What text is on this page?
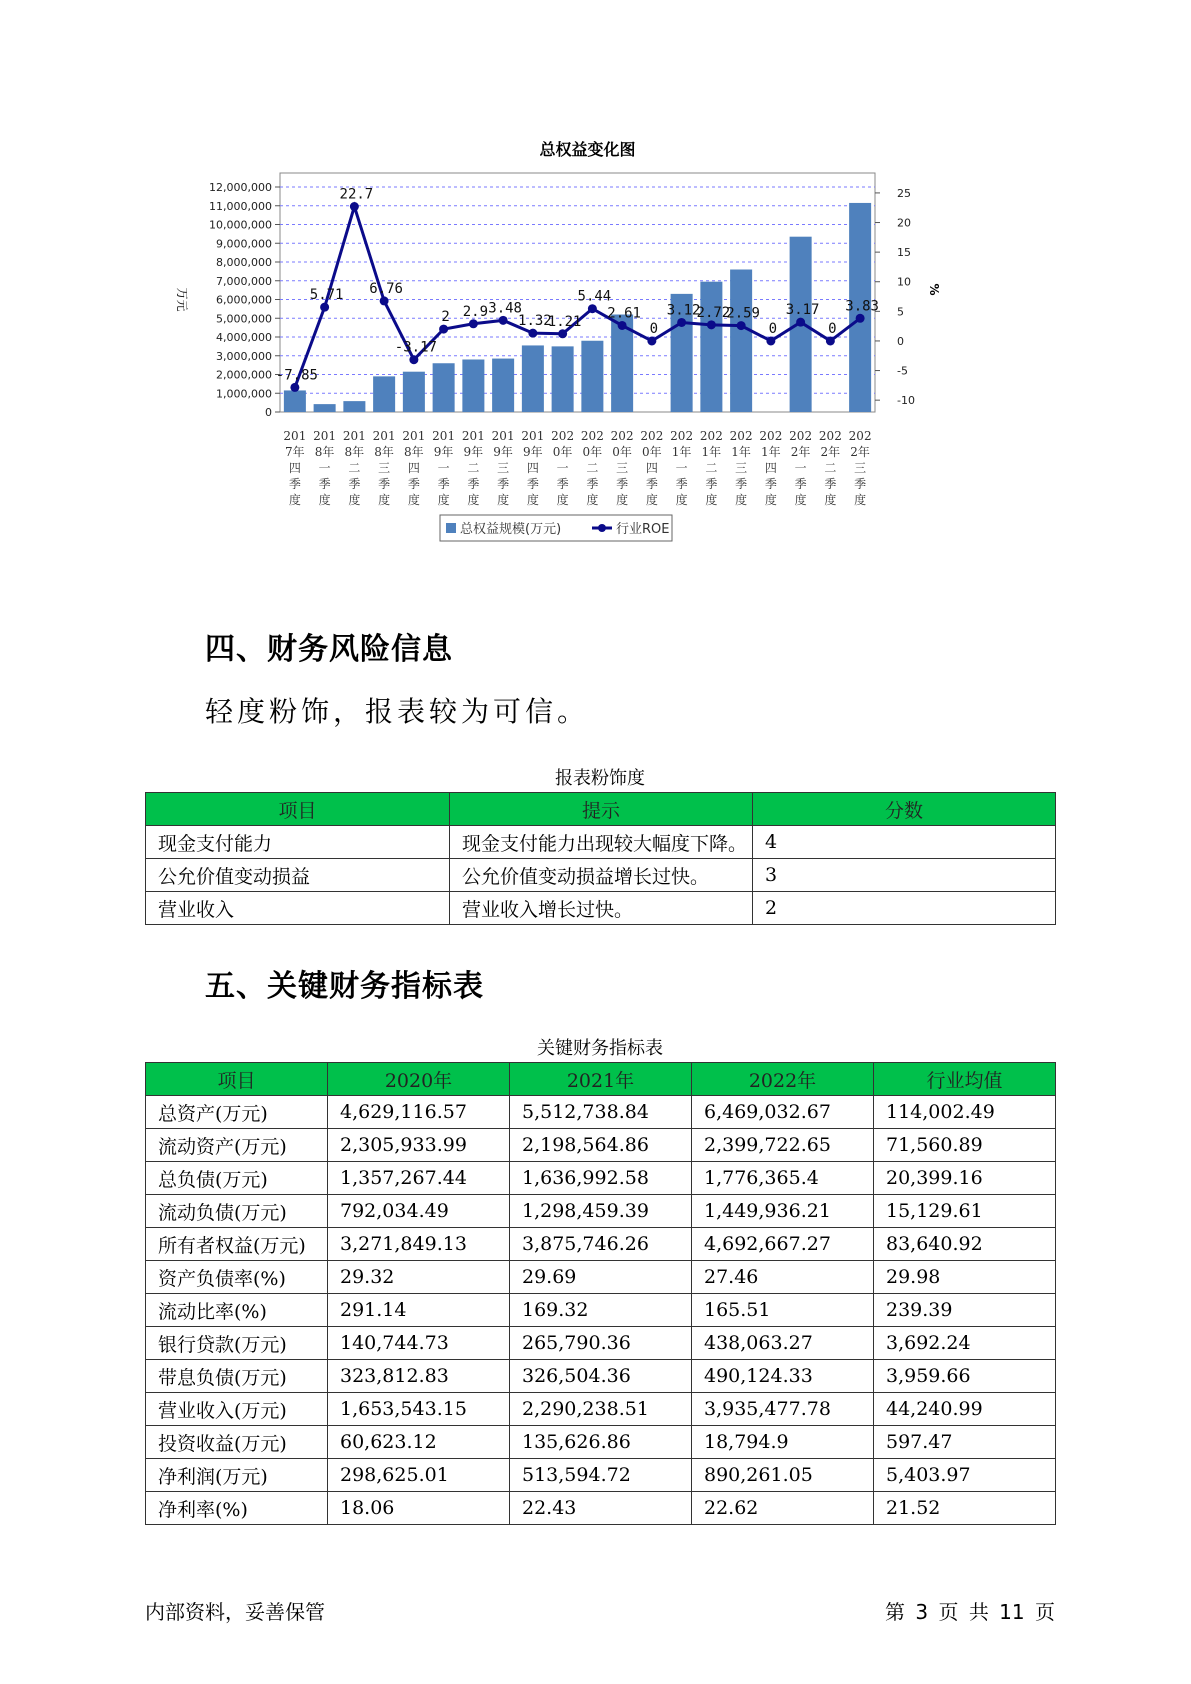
总权益变化图
0
1,000,000
2,000,000
3,000,000
4,000,000
5,000,000
6,000,000
7,000,000
8,000,000
9,000,000
10,000,000
11,000,000
12,000,000
-10
-5
0
5
10
15
20
25
万元	%
-7.85
5.71
22.7
6.76
-3.17
2 2.9 3.48
1.32
1.21
5.44
2.61
0
3.12
2.72
2.59
0
3.17
0
3.83
201
7年
四
季
度
201
8年
一
季
度
201
8年
二
季
度
201
8年
三
季
度
201
8年
四
季
度
201
9年
一
季
度
201
9年
二
季
度
201
9年
三
季
度
201
9年
四
季
度
202
0年
一
季
度
202
0年
二
季
度
202
0年
三
季
度
202
0年
四
季
度
202
1年
一
季
度
202
1年
二
季
度
202
1年
三
季
度
202
1年
四
季
度
202
2年
一
季
度
202
2年
二
季
度
202
2年
三
季
度
总权益规模(万元)	行业ROE
四、财务风险信息

轻度粉饰，报表较为可信。

报表粉饰度
项目	提示	分数
现金支付能力	现金支付能力出现较大幅度下降。	4
公允价值变动损益	公允价值变动损益增长过快。	3
营业收入	营业收入增长过快。	2
五、关键财务指标表
关键财务指标表
项目	2020年	2021年	2022年	行业均值
总资产(万元)	4,629,116.57	5,512,738.84	6,469,032.67	114,002.49
流动资产(万元)	2,305,933.99	2,198,564.86	2,399,722.65	71,560.89
总负债(万元)	1,357,267.44	1,636,992.58	1,776,365.4	20,399.16
流动负债(万元)	792,034.49	1,298,459.39	1,449,936.21	15,129.61
所有者权益(万元)	3,271,849.13	3,875,746.26	4,692,667.27	83,640.92
资产负债率(%)	29.32	29.69	27.46	29.98
流动比率(%)	291.14	169.32	165.51	239.39
银行贷款(万元)	140,744.73	265,790.36	438,063.27	3,692.24
带息负债(万元)	323,812.83	326,504.36	490,124.33	3,959.66
营业收入(万元)	1,653,543.15	2,290,238.51	3,935,477.78	44,240.99
投资收益(万元)	60,623.12	135,626.86	18,794.9	597.47
净利润(万元)	298,625.01	513,594.72	890,261.05	5,403.97
净利率(%)	18.06	22.43	22.62	21.52
内部资料，妥善保管	第 3 页 共 11 页
